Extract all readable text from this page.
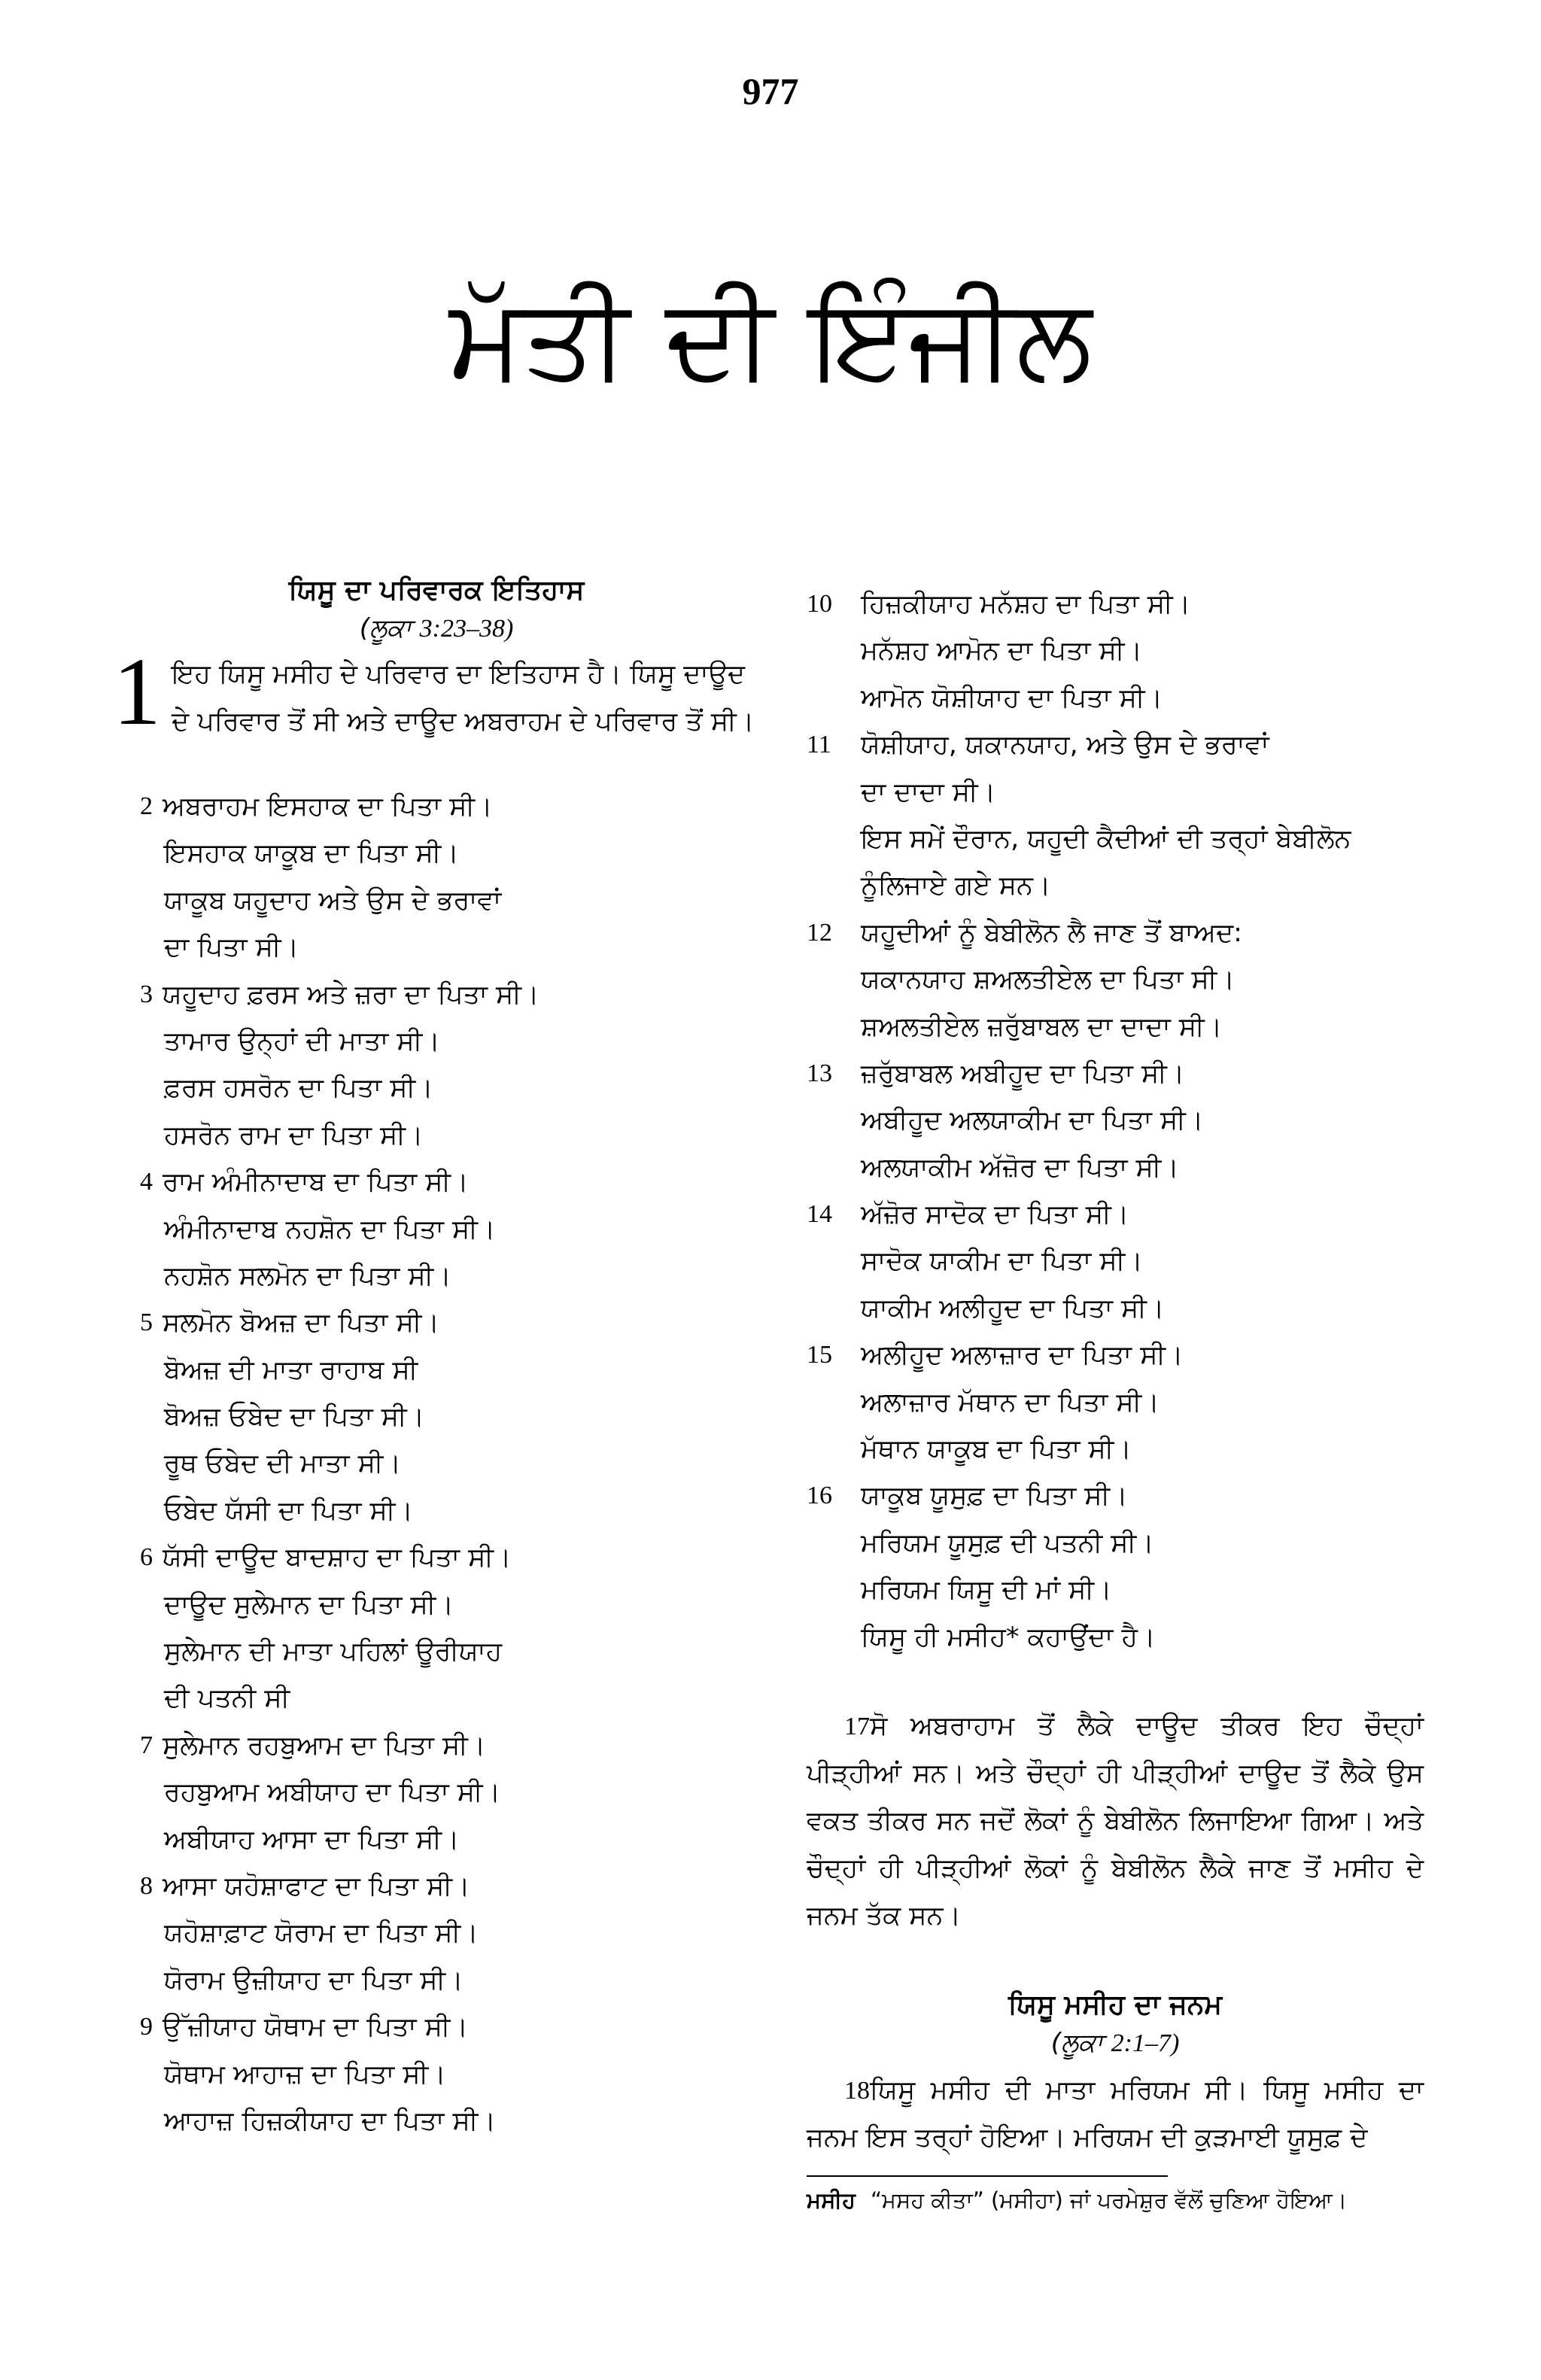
977
ਮੱਤੀ ਦੀ ਇੰਜੀਲ
ਯਿਸੂ ਦਾ ਪਰਿਵਾਰਕ ਇਤਿਹਾਸ
(ਲੂਕਾ 3:23–38)
1 ਇਹ ਯਿਸੂ ਮਸੀਹ ਦੇ ਪਰਿਵਾਰ ਦਾ ਇਤਿਹਾਸ ਹੈ। ਯਿਸੂ ਦਾਊਦ ਦੇ ਪਰਿਵਾਰ ਤੋਂ ਸੀ ਅਤੇ ਦਾਊਦ ਅਬਰਾਹਮ ਦੇ ਪਰਿਵਾਰ ਤੋਂ ਸੀ।
2 ਅਬਰਾਹਮ ਇਸਹਾਕ ਦਾ ਪਿਤਾ ਸੀ।
ਇਸਹਾਕ ਯਾਕੂਬ ਦਾ ਪਿਤਾ ਸੀ।
ਯਾਕੂਬ ਯਹੂਦਾਹ ਅਤੇ ਉਸ ਦੇ ਭਰਾਵਾਂ
ਦਾ ਪਿਤਾ ਸੀ।
3 ਯਹੂਦਾਹ ਫ਼ਰਸ ਅਤੇ ਜ਼ਰਾ ਦਾ ਪਿਤਾ ਸੀ।
ਤਾਮਾਰ ਉਨ੍ਹਾਂ ਦੀ ਮਾਤਾ ਸੀ।
ਫ਼ਰਸ ਹਸਰੋਨ ਦਾ ਪਿਤਾ ਸੀ।
ਹਸਰੋਨ ਰਾਮ ਦਾ ਪਿਤਾ ਸੀ।
4 ਰਾਮ ਅੰਮੀਨਾਦਾਬ ਦਾ ਪਿਤਾ ਸੀ।
ਅੰਮੀਨਾਦਾਬ ਨਹਸ਼ੋਨ ਦਾ ਪਿਤਾ ਸੀ।
ਨਹਸ਼ੋਨ ਸਲਮੋਨ ਦਾ ਪਿਤਾ ਸੀ।
5 ਸਲਮੋਨ ਬੋਅਜ਼ ਦਾ ਪਿਤਾ ਸੀ।
ਬੋਅਜ਼ ਦੀ ਮਾਤਾ ਰਾਹਾਬ ਸੀ
ਬੋਅਜ਼ ਓਬੇਦ ਦਾ ਪਿਤਾ ਸੀ।
ਰੂਥ ਓਬੇਦ ਦੀ ਮਾਤਾ ਸੀ।
ਓਬੇਦ ਯੱਸੀ ਦਾ ਪਿਤਾ ਸੀ।
6 ਯੱਸੀ ਦਾਊਦ ਬਾਦਸ਼ਾਹ ਦਾ ਪਿਤਾ ਸੀ।
ਦਾਊਦ ਸੁਲੇਮਾਨ ਦਾ ਪਿਤਾ ਸੀ।
ਸੁਲੇਮਾਨ ਦੀ ਮਾਤਾ ਪਹਿਲਾਂ ਊਰੀਯਾਹ
ਦੀ ਪਤਨੀ ਸੀ
7 ਸੁਲੇਮਾਨ ਰਹਬੁਆਮ ਦਾ ਪਿਤਾ ਸੀ।
ਰਹਬੁਆਮ ਅਬੀਯਾਹ ਦਾ ਪਿਤਾ ਸੀ।
ਅਬੀਯਾਹ ਆਸਾ ਦਾ ਪਿਤਾ ਸੀ।
8 ਆਸਾ ਯਹੋਸ਼ਾਫਾਟ ਦਾ ਪਿਤਾ ਸੀ।
ਯਹੋਸ਼ਾਫ਼ਾਟ ਯੋਰਾਮ ਦਾ ਪਿਤਾ ਸੀ।
ਯੋਰਾਮ ਉਜ਼ੀਯਾਹ ਦਾ ਪਿਤਾ ਸੀ।
9 ਉੱਜ਼ੀਯਾਹ ਯੋਥਾਮ ਦਾ ਪਿਤਾ ਸੀ।
ਯੋਥਾਮ ਆਹਾਜ਼ ਦਾ ਪਿਤਾ ਸੀ।
ਆਹਾਜ਼ ਹਿਜ਼ਕੀਯਾਹ ਦਾ ਪਿਤਾ ਸੀ।
10 ਹਿਜ਼ਕੀਯਾਹ ਮਨੱਸ਼ਹ ਦਾ ਪਿਤਾ ਸੀ।
ਮਨੱਸ਼ਹ ਆਮੋਨ ਦਾ ਪਿਤਾ ਸੀ।
ਆਮੋਨ ਯੋਸ਼ੀਯਾਹ ਦਾ ਪਿਤਾ ਸੀ।
11 ਯੋਸ਼ੀਯਾਹ, ਯਕਾਨਯਾਹ, ਅਤੇ ਉਸ ਦੇ ਭਰਾਵਾਂ
ਦਾ ਦਾਦਾ ਸੀ।
ਇਸ ਸਮੇਂ ਦੌਰਾਨ, ਯਹੂਦੀ ਕੈਦੀਆਂ ਦੀ ਤਰ੍ਹਾਂ ਬੇਬੀਲੋਨ
ਨੂੰਲਿਜਾਏ ਗਏ ਸਨ।
12 ਯਹੂਦੀਆਂ ਨੂੰ ਬੇਬੀਲੋਨ ਲੈ ਜਾਣ ਤੋਂ ਬਾਅਦ:
ਯਕਾਨਯਾਹ ਸ਼ਅਲਤੀਏਲ ਦਾ ਪਿਤਾ ਸੀ।
ਸ਼ਅਲਤੀਏਲ ਜ਼ਰੁੱਬਾਬਲ ਦਾ ਦਾਦਾ ਸੀ।
13 ਜ਼ਰੁੱਬਾਬਲ ਅਬੀਹੂਦ ਦਾ ਪਿਤਾ ਸੀ।
ਅਬੀਹੂਦ ਅਲਯਾਕੀਮ ਦਾ ਪਿਤਾ ਸੀ।
ਅਲਯਾਕੀਮ ਅੱਜ਼ੋਰ ਦਾ ਪਿਤਾ ਸੀ।
14 ਅੱਜ਼ੋਰ ਸਾਦੋਕ ਦਾ ਪਿਤਾ ਸੀ।
ਸਾਦੋਕ ਯਾਕੀਮ ਦਾ ਪਿਤਾ ਸੀ।
ਯਾਕੀਮ ਅਲੀਹੂਦ ਦਾ ਪਿਤਾ ਸੀ।
15 ਅਲੀਹੂਦ ਅਲਾਜ਼ਾਰ ਦਾ ਪਿਤਾ ਸੀ।
ਅਲਾਜ਼ਾਰ ਮੱਥਾਨ ਦਾ ਪਿਤਾ ਸੀ।
ਮੱਥਾਨ ਯਾਕੂਬ ਦਾ ਪਿਤਾ ਸੀ।
16 ਯਾਕੂਬ ਯੂਸੁਫ਼ ਦਾ ਪਿਤਾ ਸੀ।
ਮਰਿਯਮ ਯੂਸੁਫ਼ ਦੀ ਪਤਨੀ ਸੀ।
ਮਰਿਯਮ ਯਿਸੂ ਦੀ ਮਾਂ ਸੀ।
ਯਿਸੂ ਹੀ ਮਸੀਹ* ਕਹਾਉਂਦਾ ਹੈ।
17ਸੋ ਅਬਰਾਹਾਮ ਤੋਂ ਲੈਕੇ ਦਾਊਦ ਤੀਕਰ ਇਹ ਚੌਦ੍ਹਾਂ ਪੀੜ੍ਹੀਆਂ ਸਨ। ਅਤੇ ਚੌਦ੍ਹਾਂ ਹੀ ਪੀੜ੍ਹੀਆਂ ਦਾਊਦ ਤੋਂ ਲੈਕੇ ਉਸ ਵਕਤ ਤੀਕਰ ਸਨ ਜਦੋਂ ਲੋਕਾਂ ਨੂੰ ਬੇਬੀਲੋਨ ਲਿਜਾਇਆ ਗਿਆ। ਅਤੇ ਚੌਦ੍ਹਾਂ ਹੀ ਪੀੜ੍ਹੀਆਂ ਲੋਕਾਂ ਨੂੰ ਬੇਬੀਲੋਨ ਲੈਕੇ ਜਾਣ ਤੋਂ ਮਸੀਹ ਦੇ ਜਨਮ ਤੱਕ ਸਨ।
ਯਿਸੂ ਮਸੀਹ ਦਾ ਜਨਮ
(ਲੂਕਾ 2:1–7)
18ਯਿਸੂ ਮਸੀਹ ਦੀ ਮਾਤਾ ਮਰਿਯਮ ਸੀ। ਯਿਸੂ ਮਸੀਹ ਦਾ ਜਨਮ ਇਸ ਤਰ੍ਹਾਂ ਹੋਇਆ। ਮਰਿਯਮ ਦੀ ਕੁੜਮਾਈ ਯੂਸੁਫ਼ ਦੇ
ਮਸੀਹ “ਮਸਹ ਕੀਤਾ” (ਮਸੀਹਾ) ਜਾਂ ਪਰਮੇਸ਼ੁਰ ਵੱਲੋਂ ਚੁਣਿਆ ਹੋਇਆ।
